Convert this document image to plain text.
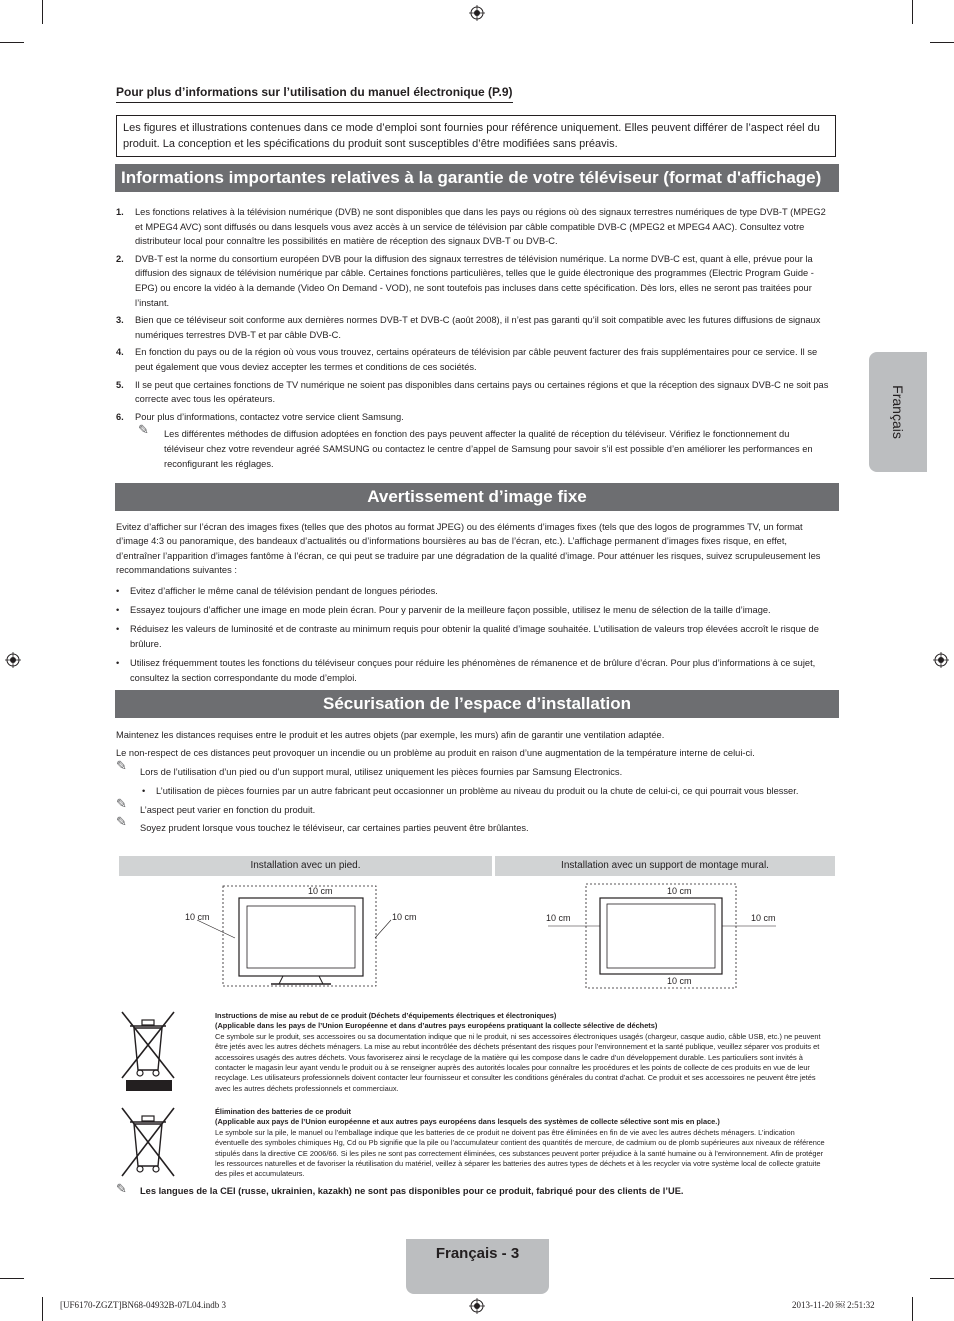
Pour plus d’informations sur l’utilisation du manuel électronique (P.9)
Les figures et illustrations contenues dans ce mode d’emploi sont fournies pour référence uniquement. Elles peuvent différer de l’aspect réel du produit. La conception et les spécifications du produit sont susceptibles d’être modifiées sans préavis.
Informations importantes relatives à la garantie de votre téléviseur (format d'affichage)
1. Les fonctions relatives à la télévision numérique (DVB) ne sont disponibles que dans les pays ou régions où des signaux terrestres numériques de type DVB-T (MPEG2 et MPEG4 AVC) sont diffusés ou dans lesquels vous avez accès à un service de télévision par câble compatible DVB-C (MPEG2 et MPEG4 AAC). Consultez votre distributeur local pour connaître les possibilités en matière de réception des signaux DVB-T ou DVB-C.
2. DVB-T est la norme du consortium européen DVB pour la diffusion des signaux terrestres de télévision numérique. La norme DVB-C est, quant à elle, prévue pour la diffusion des signaux de télévision numérique par câble. Certaines fonctions particulières, telles que le guide électronique des programmes (Electric Program Guide - EPG) ou encore la vidéo à la demande (Video On Demand - VOD), ne sont toutefois pas incluses dans cette spécification. Dès lors, elles ne seront pas traitées pour l’instant.
3. Bien que ce téléviseur soit conforme aux dernières normes DVB-T et DVB-C (août 2008), il n’est pas garanti qu’il soit compatible avec les futures diffusions de signaux numériques terrestres DVB-T et par câble DVB-C.
4. En fonction du pays ou de la région où vous vous trouvez, certains opérateurs de télévision par câble peuvent facturer des frais supplémentaires pour ce service. Il se peut également que vous deviez accepter les termes et conditions de ces sociétés.
5. Il se peut que certaines fonctions de TV numérique ne soient pas disponibles dans certains pays ou certaines régions et que la réception des signaux DVB-C ne soit pas correcte avec tous les opérateurs.
6. Pour plus d’informations, contactez votre service client Samsung.
✎ Les différentes méthodes de diffusion adoptées en fonction des pays peuvent affecter la qualité de réception du téléviseur. Vérifiez le fonctionnement du téléviseur chez votre revendeur agréé SAMSUNG ou contactez le centre d’appel de Samsung pour savoir s’il est possible d’en améliorer les performances en reconfigurant les réglages.
Français
Avertissement d’image fixe
Evitez d’afficher sur l’écran des images fixes (telles que des photos au format JPEG) ou des éléments d’images fixes (tels que des logos de programmes TV, un format d’image 4:3 ou panoramique, des bandeaux d’actualités ou d’informations boursières au bas de l’écran, etc.). L’affichage permanent d’images fixes risque, en effet, d’entraîner l’apparition d’images fantôme à l’écran, ce qui peut se traduire par une dégradation de la qualité d’image. Pour atténuer les risques, suivez scrupuleusement les recommandations suivantes :
• Evitez d’afficher le même canal de télévision pendant de longues périodes.
• Essayez toujours d’afficher une image en mode plein écran. Pour y parvenir de la meilleure façon possible, utilisez le menu de sélection de la taille d’image.
• Réduisez les valeurs de luminosité et de contraste au minimum requis pour obtenir la qualité d’image souhaitée. L’utilisation de valeurs trop élevées accroît le risque de brûlure.
• Utilisez fréquemment toutes les fonctions du téléviseur conçues pour réduire les phénomènes de rémanence et de brûlure d’écran. Pour plus d’informations à ce sujet, consultez la section correspondante du mode d’emploi.
Sécurisation de l’espace d’installation
Maintenez les distances requises entre le produit et les autres objets (par exemple, les murs) afin de garantir une ventilation adaptée.
Le non-respect de ces distances peut provoquer un incendie ou un problème au produit en raison d’une augmentation de la température interne de celui-ci.
✎ Lors de l’utilisation d’un pied ou d’un support mural, utilisez uniquement les pièces fournies par Samsung Electronics.
• L’utilisation de pièces fournies par un autre fabricant peut occasionner un problème au niveau du produit ou la chute de celui-ci, ce qui pourrait vous blesser.
✎ L’aspect peut varier en fonction du produit.
✎ Soyez prudent lorsque vous touchez le téléviseur, car certaines parties peuvent être brûlantes.
Installation avec un pied.	Installation avec un support de montage mural.
10 cm
10 cm	10 cm
10 cm
10 cm	10 cm
10 cm
Instructions de mise au rebut de ce produit (Déchets d’équipements électriques et électroniques)
(Applicable dans les pays de l’Union Européenne et dans d’autres pays européens pratiquant la collecte sélective de déchets)
Ce symbole sur le produit, ses accessoires ou sa documentation indique que ni le produit, ni ses accessoires électroniques usagés (chargeur, casque audio, câble USB, etc.) ne peuvent être jetés avec les autres déchets ménagers. La mise au rebut incontrôlée des déchets présentant des risques pour l’environnement et la santé publique, veuillez séparer vos produits et accessoires usagés des autres déchets. Vous favoriserez ainsi le recyclage de la matière qui les compose dans le cadre d’un développement durable. Les particuliers sont invités à contacter le magasin leur ayant vendu le produit ou à se renseigner auprès des autorités locales pour connaître les procédures et les points de collecte de ces produits en vue de leur recyclage. Les utilisateurs professionnels doivent contacter leur fournisseur et consulter les conditions générales du contrat d’achat. Ce produit et ses accessoires ne peuvent être jetés avec les autres déchets professionnels et commerciaux.
Élimination des batteries de ce produit
(Applicable aux pays de l’Union européenne et aux autres pays européens dans lesquels des systèmes de collecte sélective sont mis en place.)
Le symbole sur la pile, le manuel ou l’emballage indique que les batteries de ce produit ne doivent pas être éliminées en fin de vie avec les autres déchets ménagers. L’indication éventuelle des symboles chimiques Hg, Cd ou Pb signifie que la pile ou l’accumulateur contient des quantités de mercure, de cadmium ou de plomb supérieures aux niveaux de référence stipulés dans la directive CE 2006/66. Si les piles ne sont pas correctement éliminées, ces substances peuvent porter préjudice à la santé humaine ou à l’environnement. Afin de protéger les ressources naturelles et de favoriser la réutilisation du matériel, veillez à séparer les batteries des autres types de déchets et à les recycler via votre système local de collecte gratuite des piles et accumulateurs.
✎ Les langues de la CEI (russe, ukrainien, kazakh) ne sont pas disponibles pour ce produit, fabriqué pour des clients de l’UE.
Français - 3
[UF6170-ZGZT]BN68-04932B-07L04.indb 3	2013-11-20 ￼ 2:51:32
